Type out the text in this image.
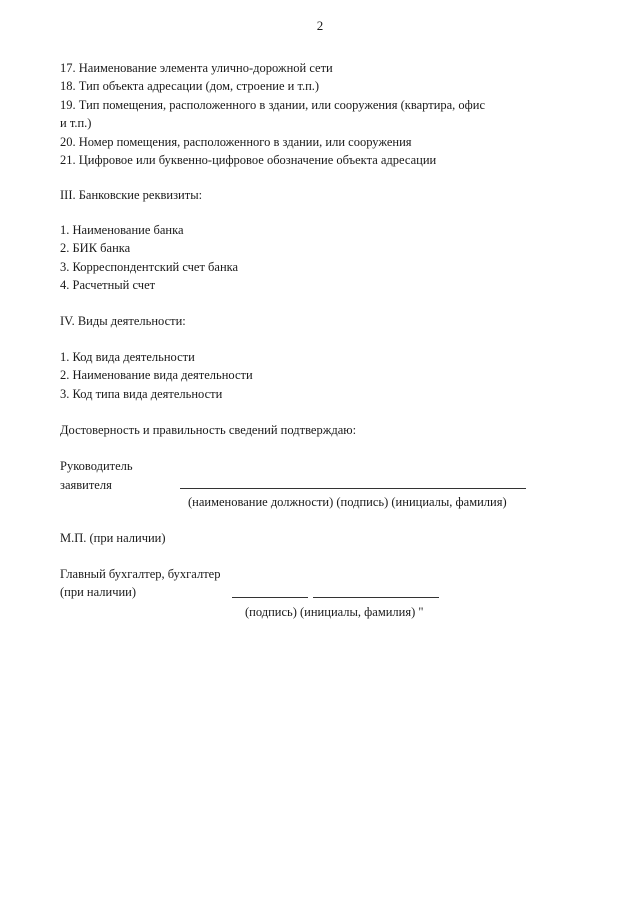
2
17. Наименование элемента улично-дорожной сети
18. Тип объекта адресации (дом, строение и т.п.)
19. Тип помещения, расположенного в здании, или сооружения (квартира, офис
и т.п.)
20. Номер помещения, расположенного в здании, или сооружения
21. Цифровое или буквенно-цифровое обозначение объекта адресации
III. Банковские реквизиты:
1. Наименование банка
2. БИК банка
3. Корреспондентский счет банка
4. Расчетный счет
IV. Виды деятельности:
1. Код вида деятельности
2. Наименование вида деятельности
3. Код типа вида деятельности
Достоверность и правильность сведений подтверждаю:
Руководитель
заявителя
(наименование должности) (подпись) (инициалы, фамилия)
М.П. (при наличии)
Главный бухгалтер, бухгалтер
(при наличии)
(подпись) (инициалы, фамилия) "
